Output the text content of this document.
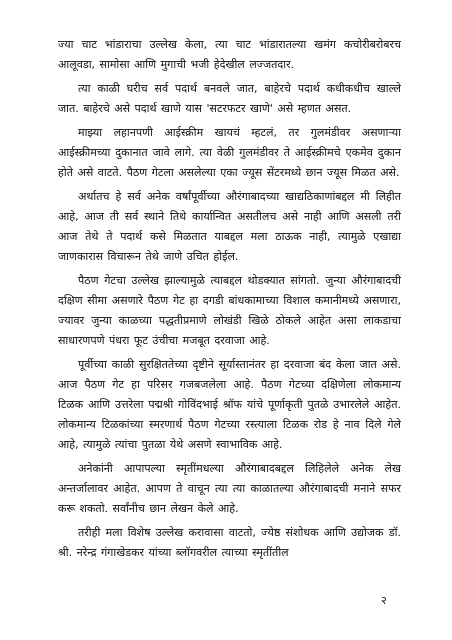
ज्या चाट भांडाराचा उल्लेख केला, त्या चाट भांडारातल्या खमंग कचोरीबरोबरच आलूवडा, सामोसा आणि मुगाची भजी हेदेखील लज्जतदार.

त्या काळी घरीच सर्व पदार्थ बनवले जात, बाहेरचे पदार्थ कधीकधीच खाल्ले जात. बाहेरचे असे पदार्थ खाणे यास 'सटरफटर खाणे' असे म्हणत असत.

माझ्या लहानपणी आईस्क्रीम खायचं म्हटलं, तर गुलमंडीवर असणाऱ्या आईस्क्रीमच्या दुकानात जावे लागे. त्या वेळी गुलमंडीवर ते आईस्क्रीमचे एकमेव दुकान होते असे वाटते. पैठण गेटला असलेल्या एका ज्यूस सेंटरमध्ये छान ज्यूस मिळत असे.

अर्थातच हे सर्व अनेक वर्षांपूर्वीच्या औरंगाबादच्या खाद्यठिकाणांबद्दल मी लिहीत आहे, आज ती सर्व स्थाने तिथे कार्यान्वित असतीलच असे नाही आणि असली तरी आज तेथे ते पदार्थ कसे मिळतात याबद्दल मला ठाऊक नाही, त्यामुळे एखाद्या जाणकारास विचारून तेथे जाणे उचित होईल.

पैठण गेटचा उल्लेख झाल्यामुळे त्याबद्दल थोडक्यात सांगतो. जुन्या औरंगाबादची दक्षिण सीमा असणारे पैठण गेट हा दगडी बांधकामाच्या विशाल कमानीमध्ये असणारा, ज्यावर जुन्या काळच्या पद्धतीप्रमाणे लोखंडी खिळे ठोकले आहेत असा लाकडाचा साधारणपणे पंधरा फूट उंचीचा मजबूत दरवाजा आहे.

पूर्वीच्या काळी सुरक्षिततेच्या दृष्टीने सूर्यास्तानंतर हा दरवाजा बंद केला जात असे. आज पैठण गेट हा परिसर गजबजलेला आहे. पैठण गेटच्या दक्षिणेला लोकमान्य टिळक आणि उत्तरेला पद्मश्री गोविंदभाई श्रॉफ यांचे पूर्णाकृती पुतळे उभारलेले आहेत. लोकमान्य टिळकांच्या स्मरणार्थ पैठण गेटच्या रस्त्याला टिळक रोड हे नाव दिले गेले आहे, त्यामुळे त्यांचा पुतळा येथे असणे स्वाभाविक आहे.

अनेकांनी आपापल्या स्मृतींमधल्या औरंगाबादबद्दल लिहिलेले अनेक लेख अन्तर्जालावर आहेत. आपण ते वाचून त्या त्या काळातल्या औरंगाबादची मनाने सफर करू शकतो. सर्वांनीच छान लेखन केले आहे.

तरीही मला विशेष उल्लेख करावासा वाटतो, ज्येष्ठ संशोधक आणि उद्योजक डॉ. श्री. नरेन्द्र गंगाखेडकर यांच्या ब्लॉगवरील त्याच्या स्मृतींतील

२
